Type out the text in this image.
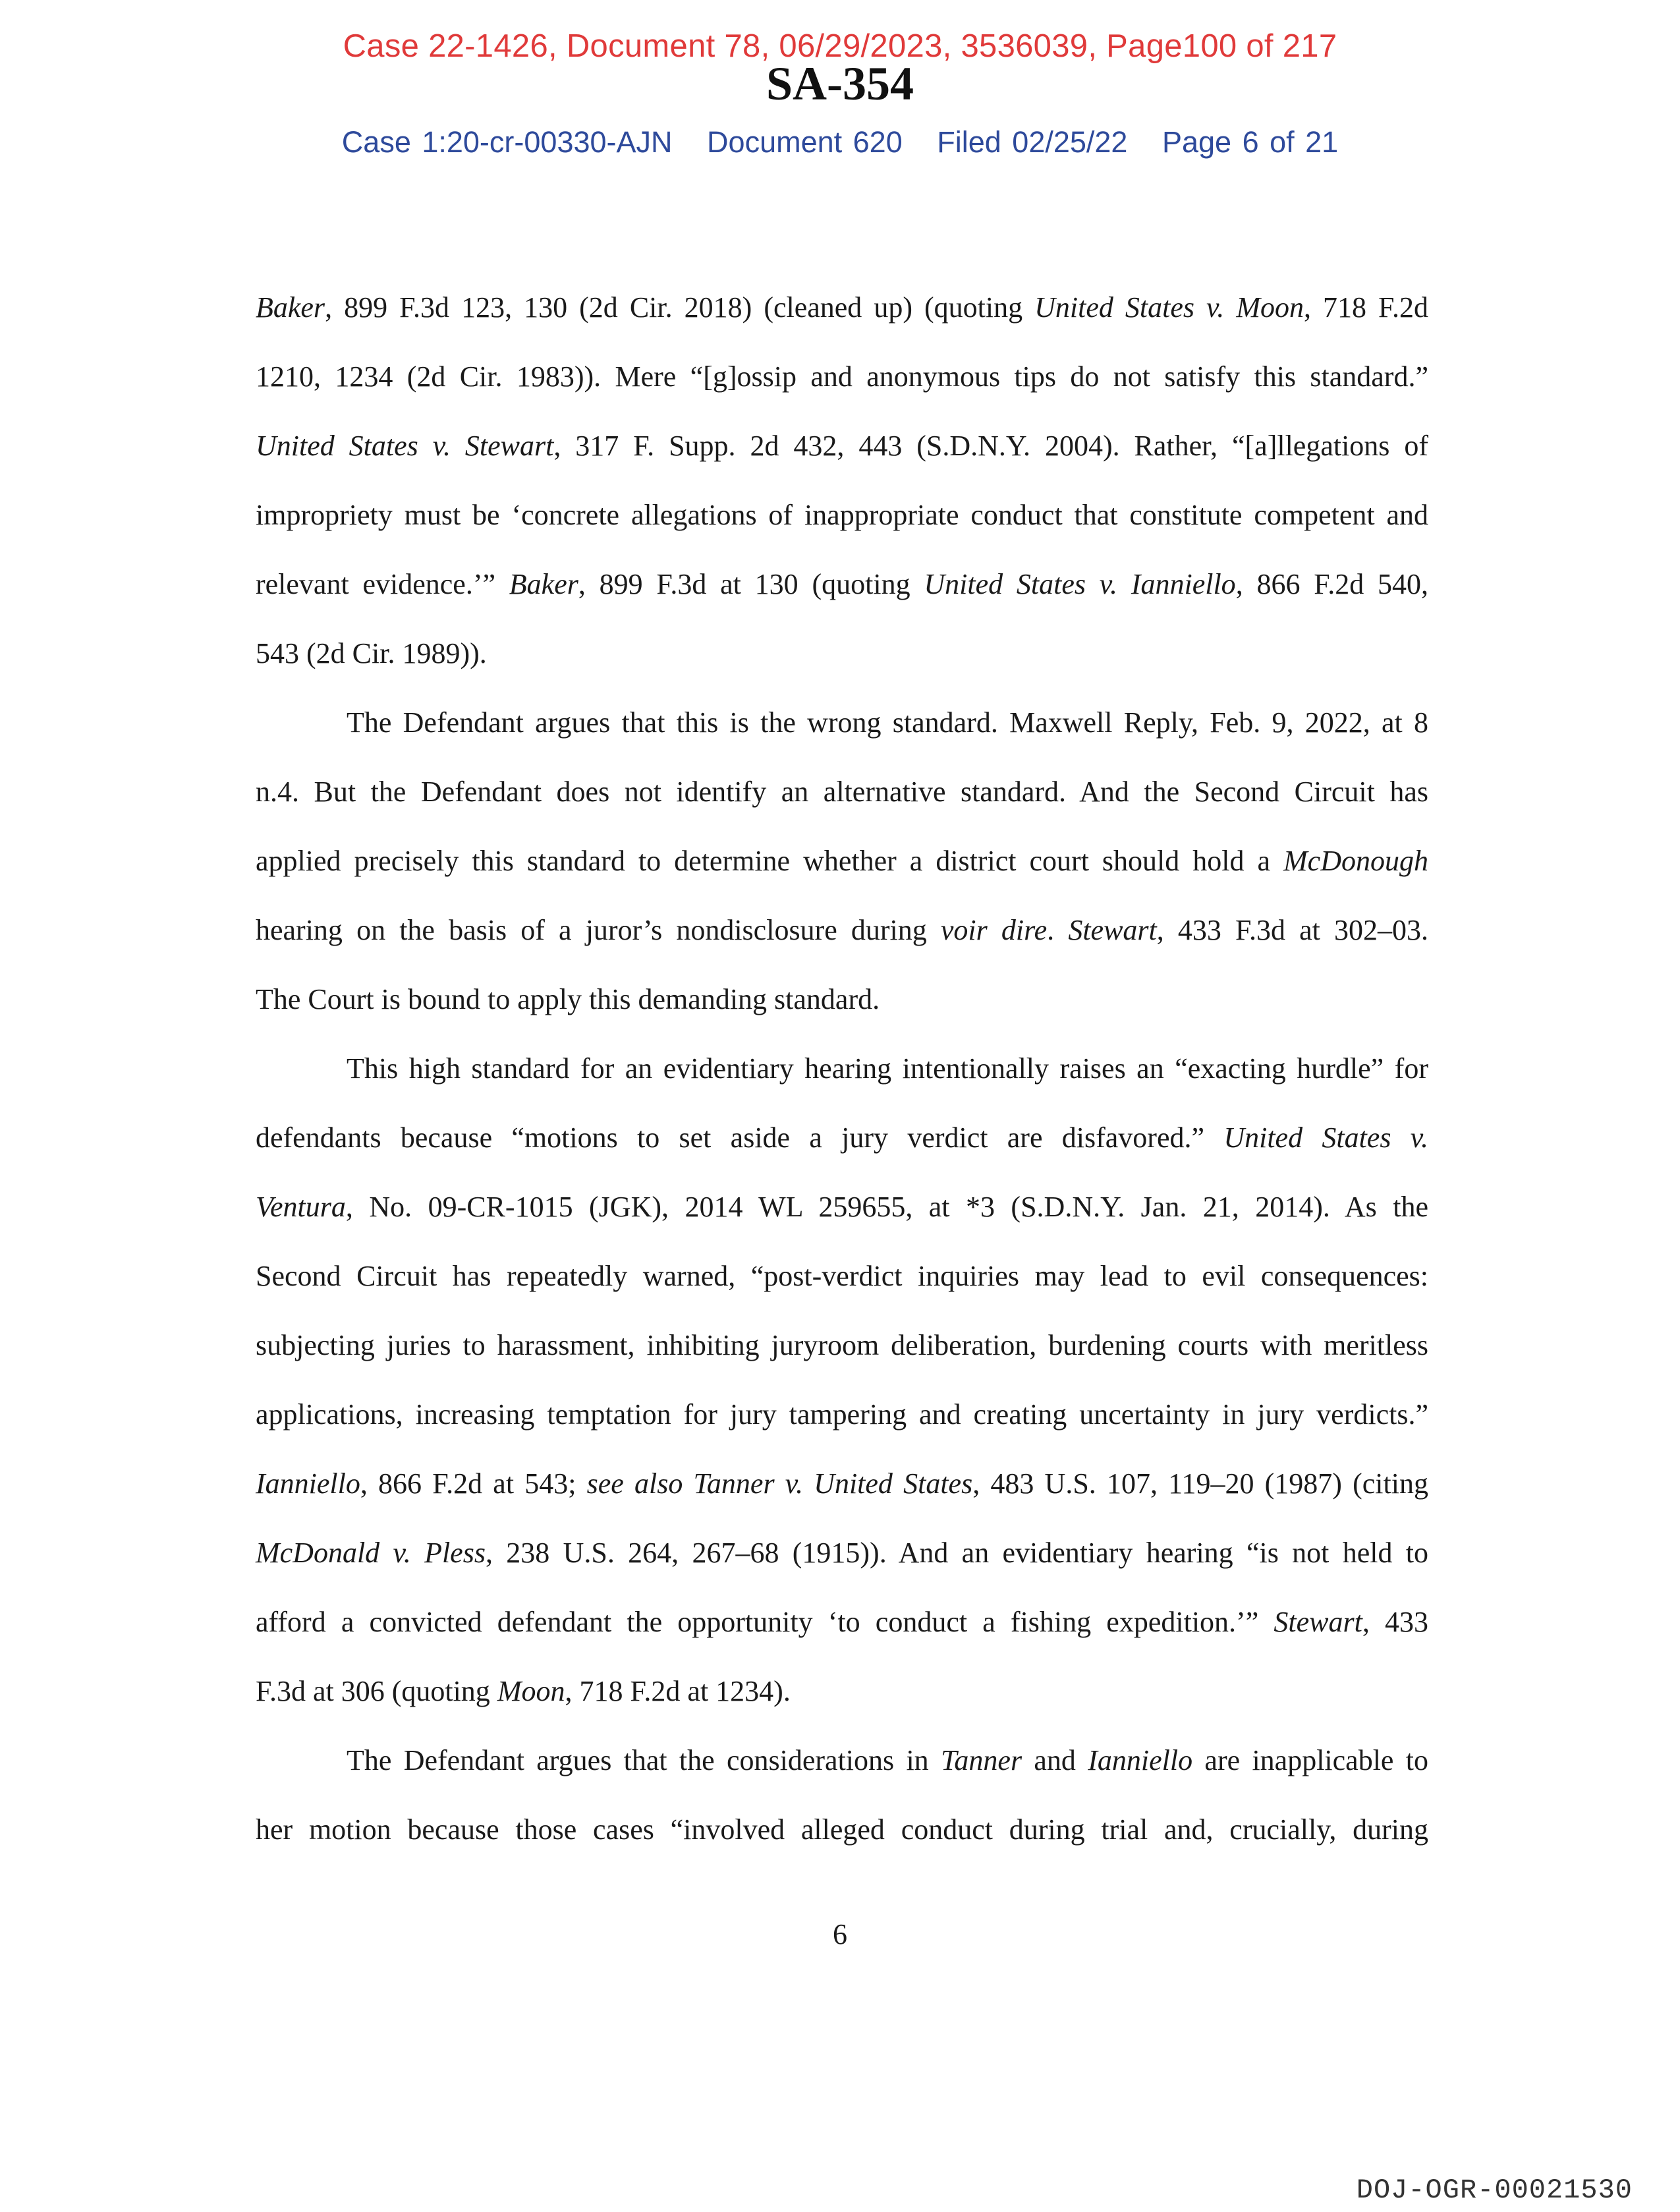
Case 22-1426, Document 78, 06/29/2023, 3536039, Page100 of 217
SA-354
Case 1:20-cr-00330-AJN Document 620 Filed 02/25/22 Page 6 of 21
Baker, 899 F.3d 123, 130 (2d Cir. 2018) (cleaned up) (quoting United States v. Moon, 718 F.2d
1210, 1234 (2d Cir. 1983)). Mere “[g]ossip and anonymous tips do not satisfy this standard.”
United States v. Stewart, 317 F. Supp. 2d 432, 443 (S.D.N.Y. 2004). Rather, “[a]llegations of
impropriety must be ‘concrete allegations of inappropriate conduct that constitute competent and
relevant evidence.’” Baker, 899 F.3d at 130 (quoting United States v. Ianniello, 866 F.2d 540,
543 (2d Cir. 1989)).
The Defendant argues that this is the wrong standard. Maxwell Reply, Feb. 9, 2022, at 8
n.4. But the Defendant does not identify an alternative standard. And the Second Circuit has
applied precisely this standard to determine whether a district court should hold a McDonough
hearing on the basis of a juror’s nondisclosure during voir dire. Stewart, 433 F.3d at 302–03.
The Court is bound to apply this demanding standard.
This high standard for an evidentiary hearing intentionally raises an “exacting hurdle” for
defendants because “motions to set aside a jury verdict are disfavored.” United States v.
Ventura, No. 09-CR-1015 (JGK), 2014 WL 259655, at *3 (S.D.N.Y. Jan. 21, 2014). As the
Second Circuit has repeatedly warned, “post-verdict inquiries may lead to evil consequences:
subjecting juries to harassment, inhibiting juryroom deliberation, burdening courts with meritless
applications, increasing temptation for jury tampering and creating uncertainty in jury verdicts.”
Ianniello, 866 F.2d at 543; see also Tanner v. United States, 483 U.S. 107, 119–20 (1987) (citing
McDonald v. Pless, 238 U.S. 264, 267–68 (1915)). And an evidentiary hearing “is not held to
afford a convicted defendant the opportunity ‘to conduct a fishing expedition.’” Stewart, 433
F.3d at 306 (quoting Moon, 718 F.2d at 1234).
The Defendant argues that the considerations in Tanner and Ianniello are inapplicable to
her motion because those cases “involved alleged conduct during trial and, crucially, during
6
DOJ-OGR-00021530
